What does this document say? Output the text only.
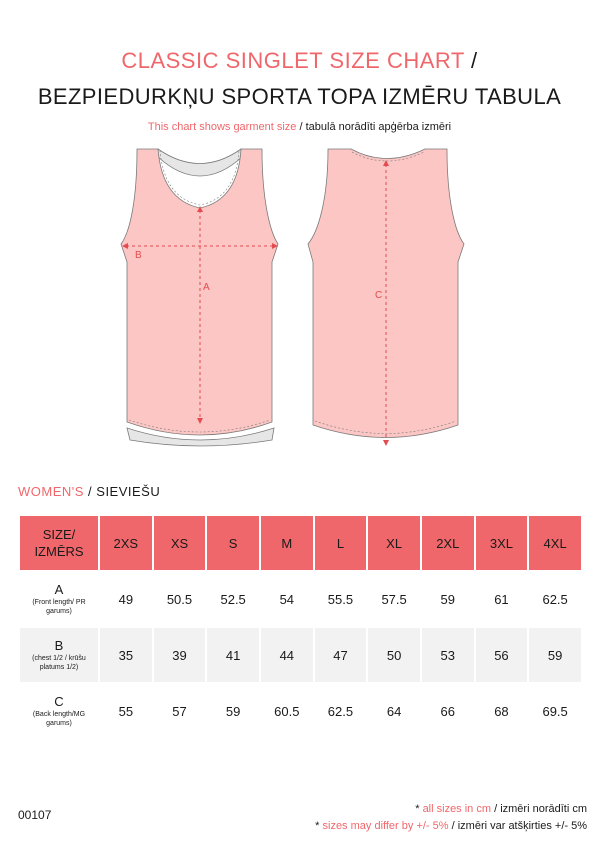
CLASSIC SINGLET SIZE CHART /
BEZPIEDURKŅU SPORTA TOPA IZMĒRU TABULA
This chart shows garment size / tabulā norādīti apģērba izmēri
A
B
C
WOMEN'S / SIEVIEŠU
SIZE/
IZMĒRS	2XS	XS	S	M	L	XL	2XL	3XL	4XL

A
(Front length/ PR garums)	49	50.5	52.5	54	55.5	57.5	59	61	62.5

B
(chest 1/2 / krūšu platums 1/2)	35	39	41	44	47	50	53	56	59

C
(Back length/MG garums)	55	57	59	60.5	62.5	64	66	68	69.5
00107	* all sizes in cm / izmēri norādīti cm
* sizes may differ by +/- 5% / izmēri var atšķirties +/- 5%
